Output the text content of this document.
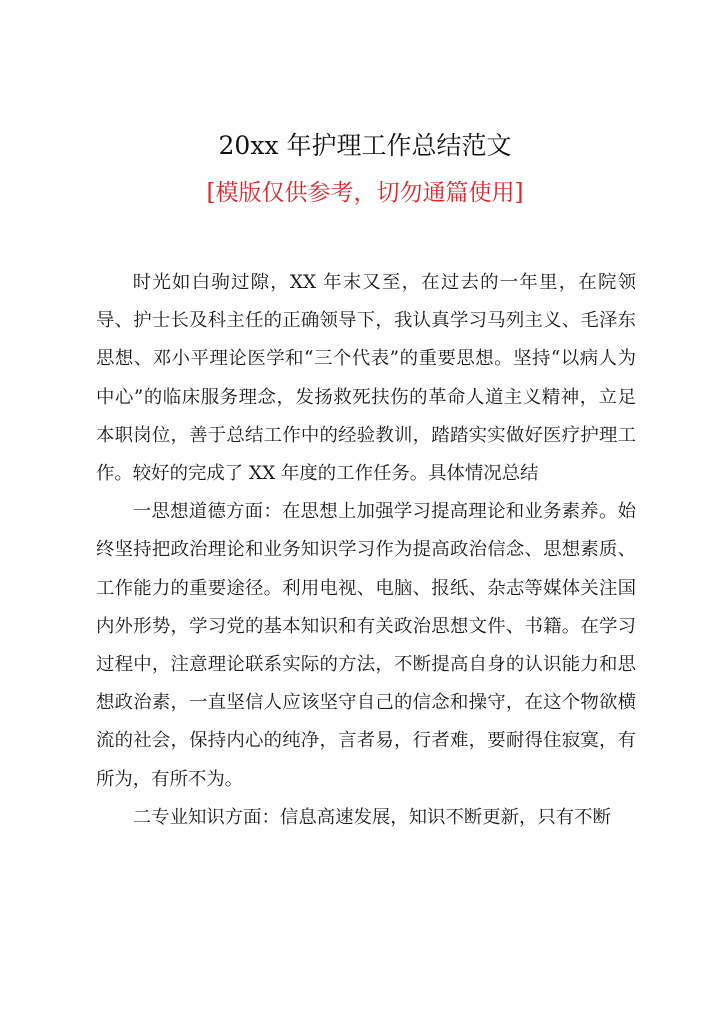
20xx 年护理工作总结范文
[模版仅供参考，切勿通篇使用]

时光如白驹过隙，XX 年末又至，在过去的一年里，在院领导、护士长及科主任的正确领导下，我认真学习马列主义、毛泽东思想、邓小平理论医学和“三个代表”的重要思想。坚持“以病人为中心”的临床服务理念，发扬救死扶伤的革命人道主义精神，立足本职岗位，善于总结工作中的经验教训，踏踏实实做好医疗护理工作。较好的完成了 XX 年度的工作任务。具体情况总结

一思想道德方面：在思想上加强学习提高理论和业务素养。始终坚持把政治理论和业务知识学习作为提高政治信念、思想素质、工作能力的重要途径。利用电视、电脑、报纸、杂志等媒体关注国内外形势，学习党的基本知识和有关政治思想文件、书籍。在学习过程中，注意理论联系实际的方法，不断提高自身的认识能力和思想政治素，一直坚信人应该坚守自己的信念和操守，在这个物欲横流的社会，保持内心的纯净，言者易，行者难，要耐得住寂寞，有所为，有所不为。

二专业知识方面：信息高速发展，知识不断更新，只有不断
